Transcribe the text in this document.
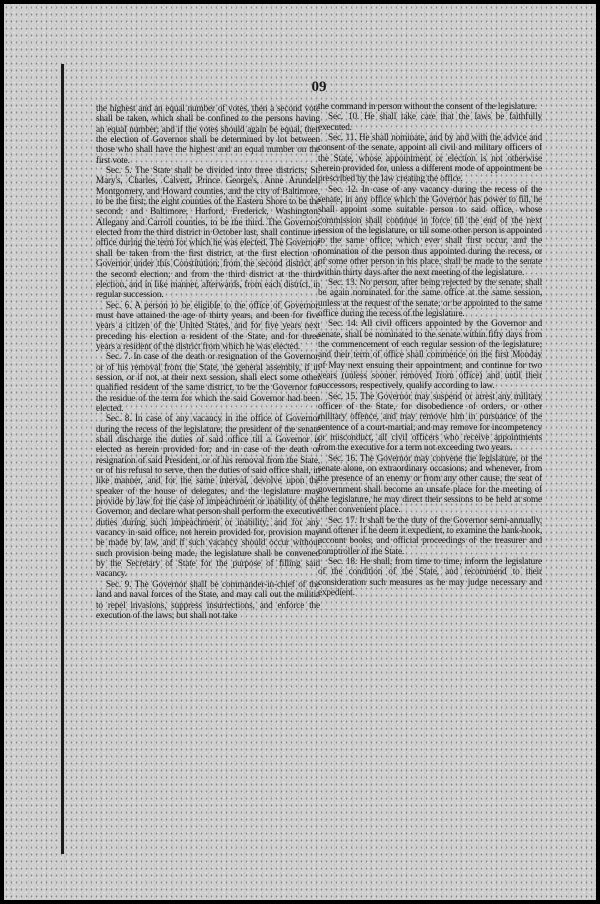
09

the highest and an equal number of votes, then a second vote shall be taken, which shall be confined to the persons having an equal number; and if the votes should again be equal, then the election of Governor shall be determined by lot between those who shall have the highest and an equal number on the first vote.

Sec. 5. The State shall be divided into three districts; St. Mary's, Charles, Calvert, Prince George's, Anne Arundel, Montgomery, and Howard counties, and the city of Baltimore, to be the first; the eight counties of the Eastern Shore to be the second; and Baltimore, Harford, Frederick, Washington, Allegany and Carroll counties, to be the third. The Governor, elected from the third district in October last, shall continue in office during the term for which he was elected. The Governor shall be taken from the first district, at the first election of Governor under this Constitution; from the second district at the second election; and from the third district at the third election, and in like manner, afterwards, from each district, in regular succession.

Sec. 6. A person to be eligible to the office of Governor, must have attained the age of thirty years, and been for five years a citizen of the United States, and for five years next preceding his election a resident of the State, and for three years a resident of the district from which he was elected.

Sec. 7. In case of the death or resignation of the Governor, or of his removal from the State, the general assembly, if in session, or if not, at their next session, shall elect some other qualified resident of the same district, to be the Governor for the residue of the term for which the said Governor had been elected.

Sec. 8. In case of any vacancy in the office of Governor during the recess of the legislature, the president of the senate shall discharge the duties of said office till a Governor is elected as herein provided for; and in case of the death or resignation of said President, or of his removal from the State, or of his refusal to serve, then the duties of said office shall, in like manner, and for the same interval, devolve upon the speaker of the house of delegates, and the legislature may provide by law for the case of impeachment or inability of the Governor, and declare what person shall perform the executive duties during such impeachment or inability; and for any vacancy in said office, not herein provided for, provision may be made by law, and if such vacancy should occur without such provision being made, the legislature shall be convened by the Secretary of State for the purpose of filling said vacancy.

Sec. 9. The Governor shall be commander-in-chief of the land and naval forces of the State, and may call out the militia to repel invasions, suppress insurrections, and enforce the execution of the laws; but shall not take

the command in person without the consent of the legislature.

Sec. 10. He shall take care that the laws be faithfully executed.

Sec. 11. He shall nominate, and by and with the advice and consent of the senate, appoint all civil and military officers of the State, whose appointment or election is not otherwise herein provided for, unless a different mode of appointment be prescribed by the law creating the office.

Sec. 12. In case of any vacancy during the recess of the senate, in any office which the Governor has power to fill, he shall appoint some suitable person to said office, whose commission shall continue in force till the end of the next session of the legislature, or till some other person is appointed to the same office, which ever shall first occur, and the nomination of the person thus appointed during the recess, or of some other person in his place, shall be made to the senate within thirty days after the next meeting of the legislature.

Sec. 13. No person, after being rejected by the senate, shall be again nominated for the same office at the same session, unless at the request of the senate; or be appointed to the same office during the recess of the legislature.

Sec. 14. All civil officers appointed by the Governor and senate, shall be nominated to the senate within fifty days from the commencement of each regular session of the legislature; and their term of office shall commence on the first Monday of May next ensuing their appointment, and continue for two years (unless sooner removed from office) and until their successors, respectively, qualify according to law.

Sec. 15. The Governor may suspend or arrest any military officer of the State, for disobedience of orders, or other military offence, and may remove him in pursuance of the sentence of a court-martial; and may remove for incompetency or misconduct, all civil officers who receive appointments from the executive for a term not exceeding two years.

Sec. 16. The Governor may convene the legislature, or the senate alone, on extraordinary occasions; and whenever, from the presence of an enemy or from any other cause, the seat of government shall become an unsafe place for the meeting of the legislature, he may direct their sessions to be held at some other convenient place.

Sec. 17. It shall be the duty of the Governor semi-annually, and oftener if he deem it expedient, to examine the bank-book, account books, and official proceedings of the treasurer and comptroller of the State.

Sec. 18. He shall, from time to time, inform the legislature of the condition of the State, and recommend to their consideration such measures as he may judge necessary and expedient.
